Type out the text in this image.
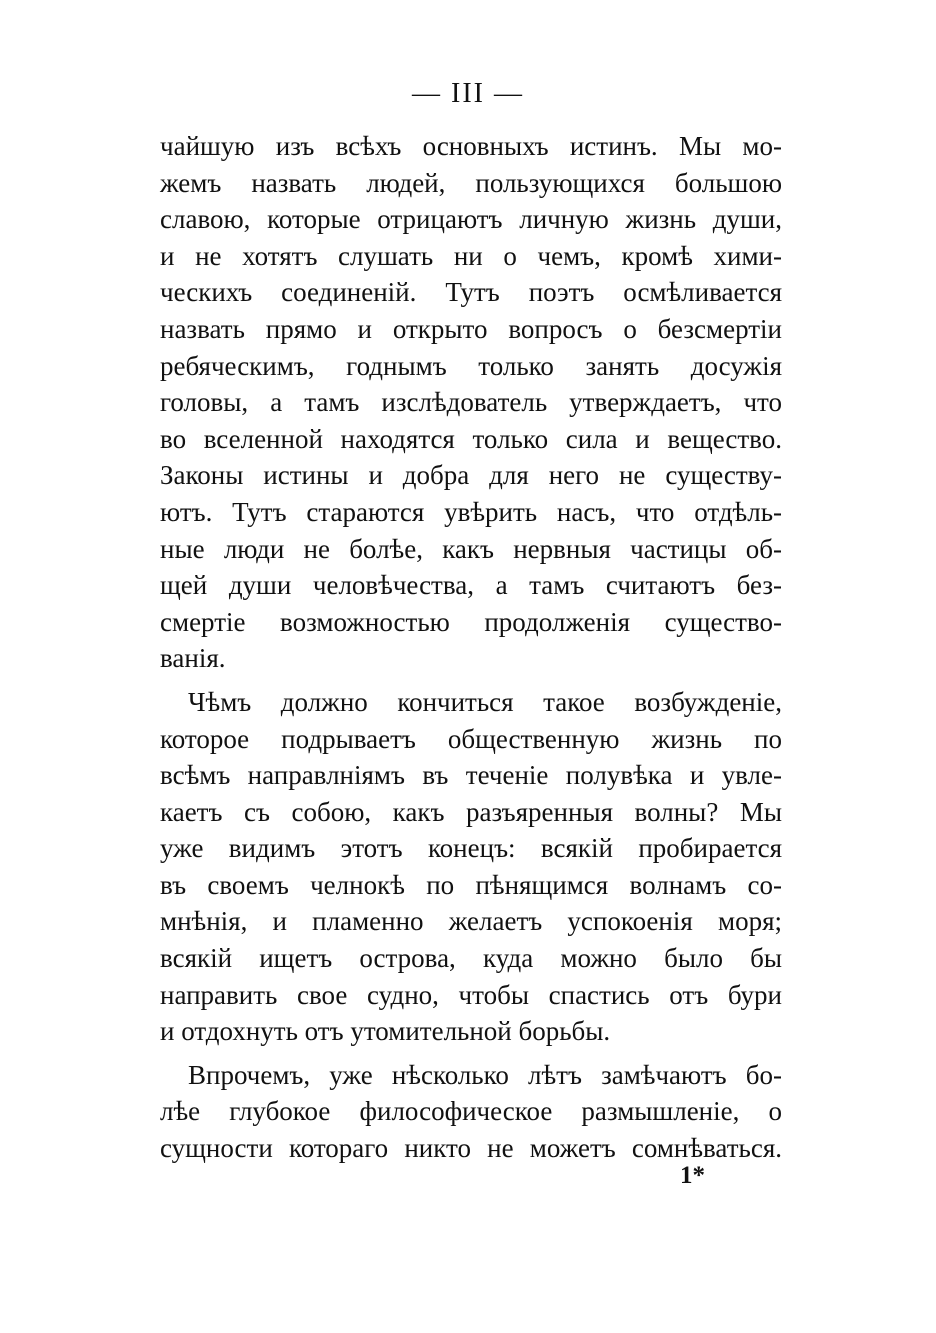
— III —
чайшую изъ всѣхъ основныхъ истинъ. Мы мо-
жемъ назвать людей, пользующихся большою
славою, которые отрицаютъ личную жизнь души,
и не хотятъ слушать ни о чемъ, кромѣ хими-
ческихъ соединенiй. Тутъ поэтъ осмѣливается
назвать прямо и открыто вопросъ о безсмертiи
ребяческимъ, годнымъ только занять досужiя
головы, а тамъ изслѣдователь утверждаетъ, что
во вселенной находятся только сила и вещество.
Законы истины и добра для него не существу-
ютъ. Тутъ стараются увѣрить насъ, что отдѣль-
ные люди не болѣе, какъ нервныя частицы об-
щей души человѣчества, а тамъ считаютъ без-
смертiе возможностью продолженiя существо-
ванiя.
Чѣмъ должно кончиться такое возбужденiе,
которое подрываетъ общественную жизнь по
всѣмъ направлнiямъ въ теченiе полувѣка и увле-
каетъ съ собою, какъ разъяренныя волны? Мы
уже видимъ этотъ конецъ: всякiй пробирается
въ своемъ челнокѣ по пѣнящимся волнамъ со-
мнѣнiя, и пламенно желаетъ успокоенiя моря;
всякiй ищетъ острова, куда можно было бы
направить свое судно, чтобы спастись отъ бури
и отдохнуть отъ утомительной борьбы.
Впрочемъ, уже нѣсколько лѣтъ замѣчаютъ бо-
лѣе глубокое философическое размышленiе, о
сущности котораго никто не можетъ сомнѣваться.
1*
